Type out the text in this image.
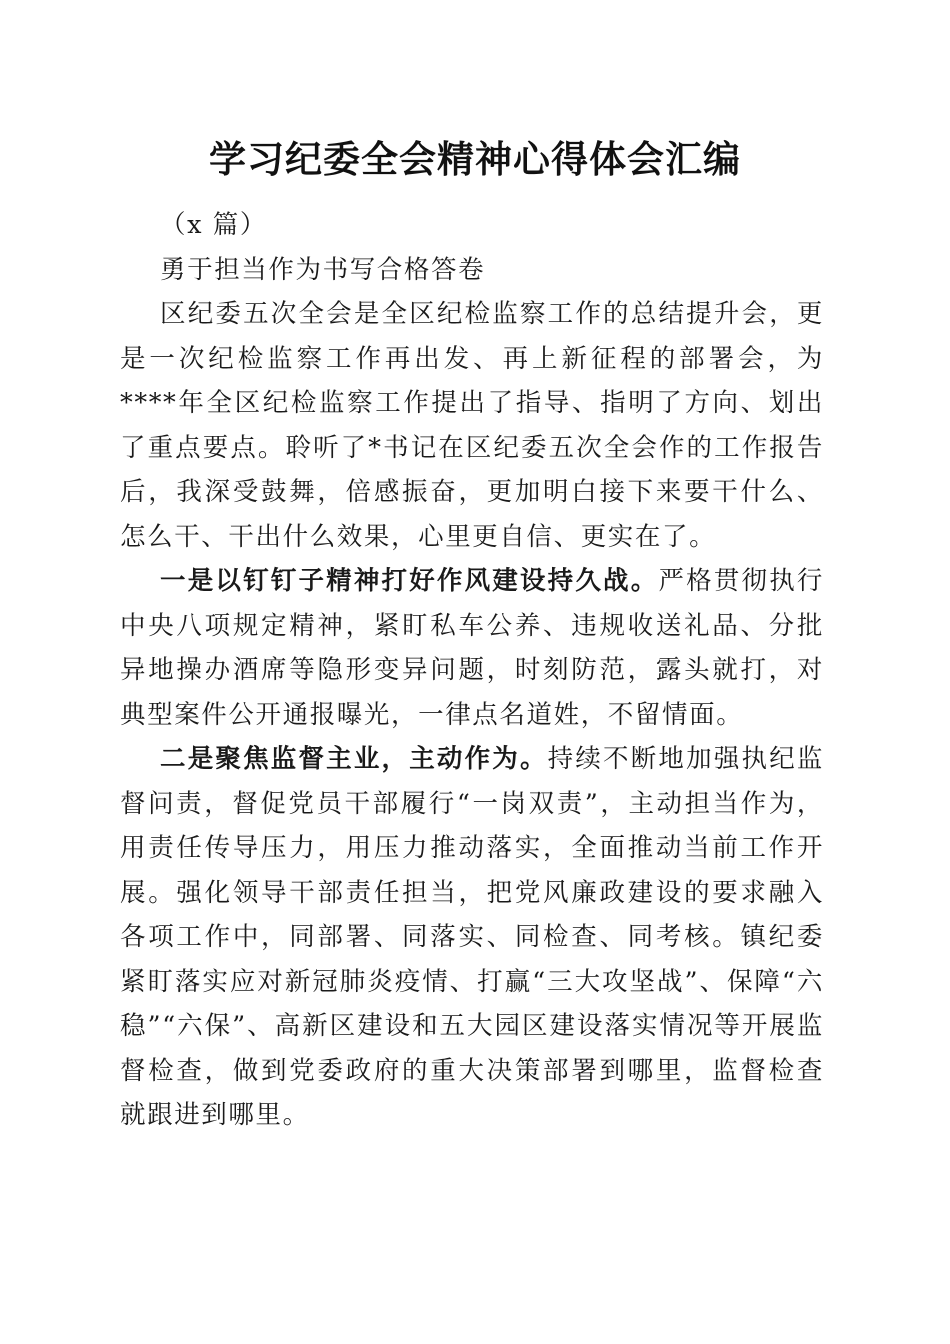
学习纪委全会精神心得体会汇编

（x 篇）

勇于担当作为书写合格答卷

区纪委五次全会是全区纪检监察工作的总结提升会，更是一次纪检监察工作再出发、再上新征程的部署会，为****年全区纪检监察工作提出了指导、指明了方向、划出了重点要点。聆听了*书记在区纪委五次全会作的工作报告后，我深受鼓舞，倍感振奋，更加明白接下来要干什么、怎么干、干出什么效果，心里更自信、更实在了。

一是以钉钉子精神打好作风建设持久战。严格贯彻执行中央八项规定精神，紧盯私车公养、违规收送礼品、分批异地操办酒席等隐形变异问题，时刻防范，露头就打，对典型案件公开通报曝光，一律点名道姓，不留情面。

二是聚焦监督主业，主动作为。持续不断地加强执纪监督问责，督促党员干部履行“一岗双责”，主动担当作为，用责任传导压力，用压力推动落实，全面推动当前工作开展。强化领导干部责任担当，把党风廉政建设的要求融入各项工作中，同部署、同落实、同检查、同考核。镇纪委紧盯落实应对新冠肺炎疫情、打赢“三大攻坚战”、保障“六稳”“六保”、高新区建设和五大园区建设落实情况等开展监督检查，做到党委政府的重大决策部署到哪里，监督检查就跟进到哪里。
